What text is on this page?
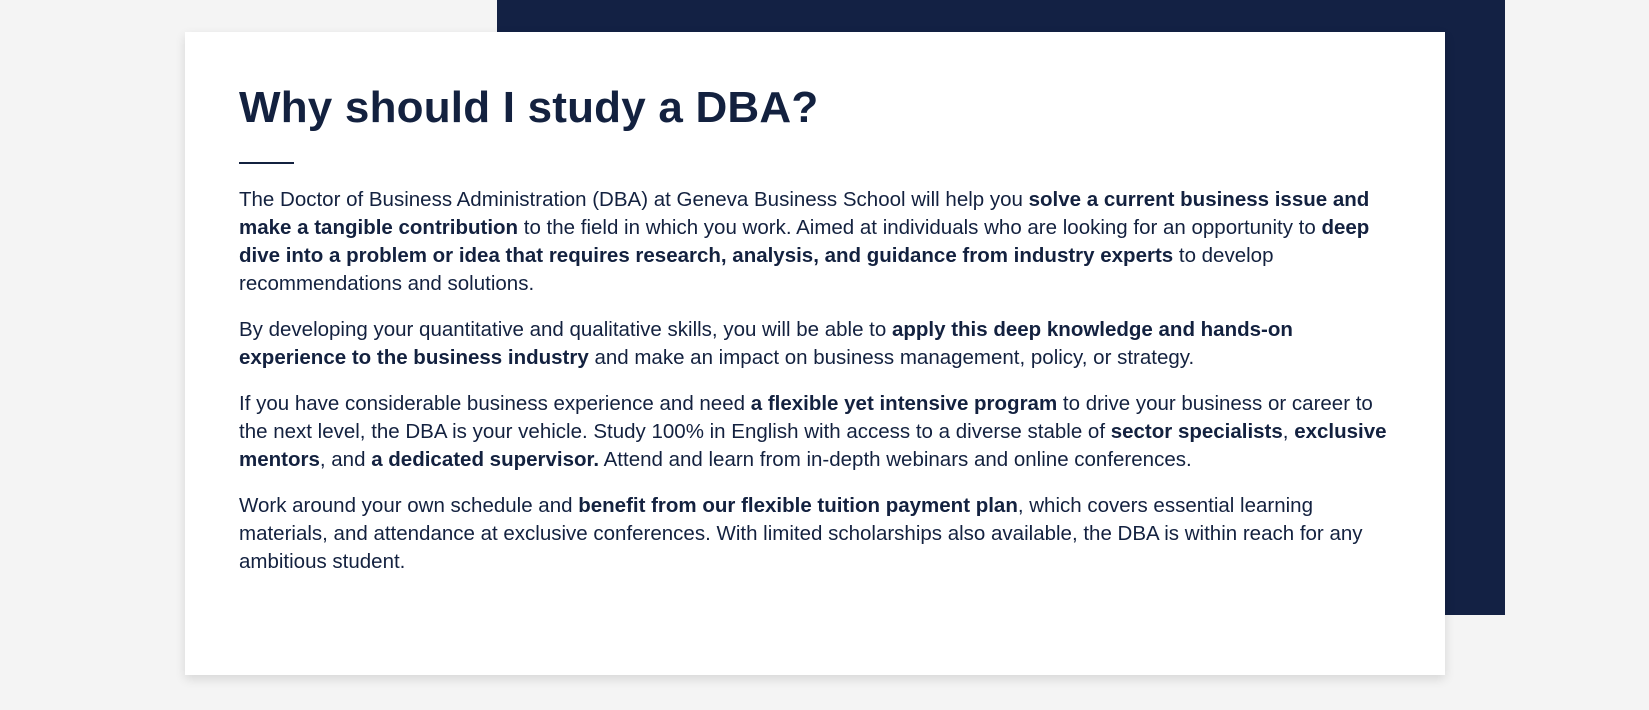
Why should I study a DBA?

The Doctor of Business Administration (DBA) at Geneva Business School will help you solve a current business issue and make a tangible contribution to the field in which you work. Aimed at individuals who are looking for an opportunity to deep dive into a problem or idea that requires research, analysis, and guidance from industry experts to develop recommendations and solutions.

By developing your quantitative and qualitative skills, you will be able to apply this deep knowledge and hands-on experience to the business industry and make an impact on business management, policy, or strategy.

If you have considerable business experience and need a flexible yet intensive program to drive your business or career to the next level, the DBA is your vehicle. Study 100% in English with access to a diverse stable of sector specialists, exclusive mentors, and a dedicated supervisor. Attend and learn from in-depth webinars and online conferences.

Work around your own schedule and benefit from our flexible tuition payment plan, which covers essential learning materials, and attendance at exclusive conferences. With limited scholarships also available, the DBA is within reach for any ambitious student.
